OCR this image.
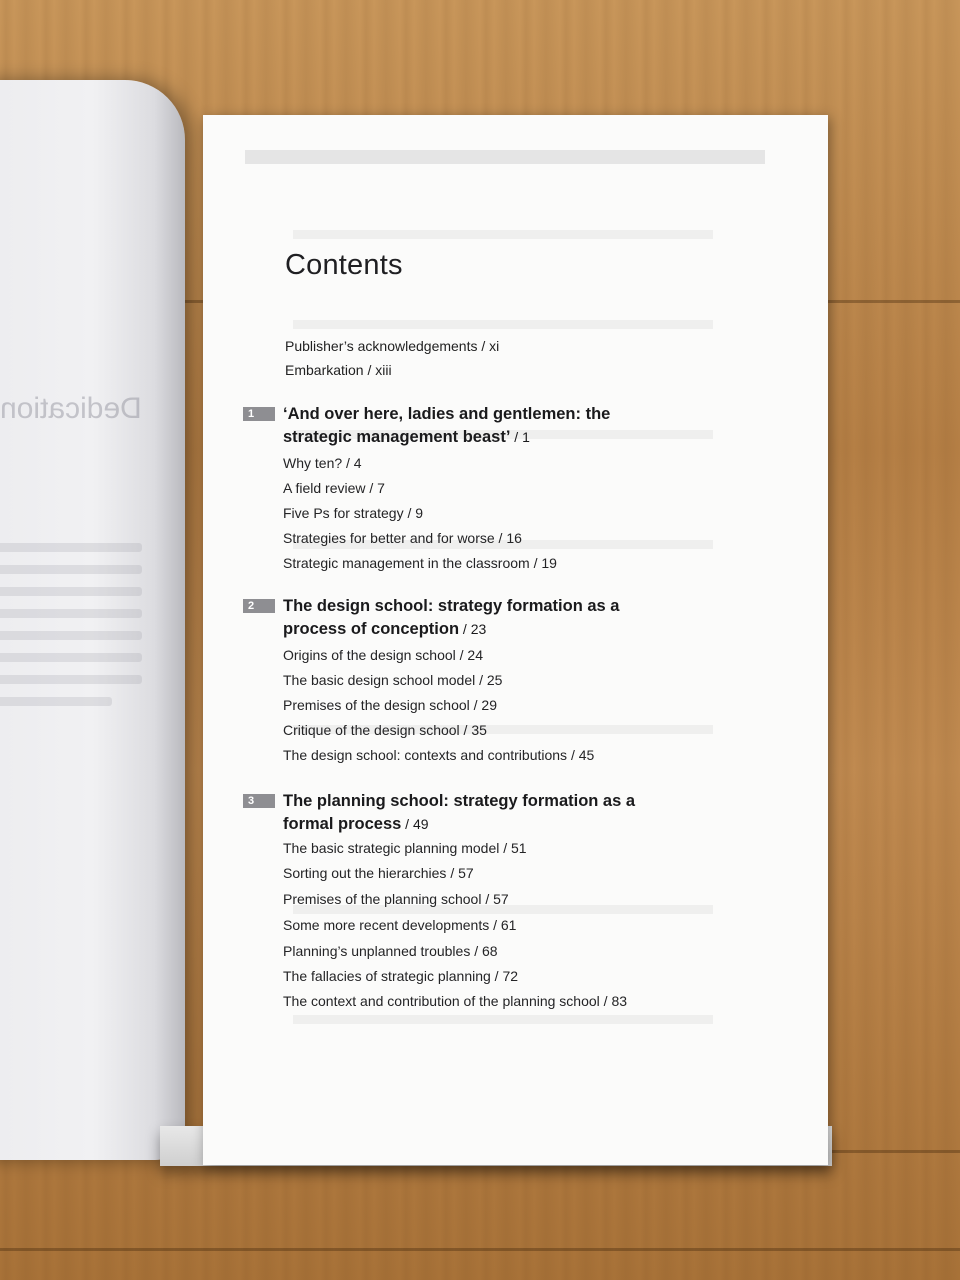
Dedication
Contents
Publisher’s acknowledgements / xi
Embarkation / xiii
1	‘And over here, ladies and gentlemen: the strategic management beast’ / 1
Why ten? / 4
A field review / 7
Five Ps for strategy / 9
Strategies for better and for worse / 16
Strategic management in the classroom / 19
2	The design school: strategy formation as a process of conception / 23
Origins of the design school / 24
The basic design school model / 25
Premises of the design school / 29
Critique of the design school / 35
The design school: contexts and contributions / 45
3	The planning school: strategy formation as a formal process / 49
The basic strategic planning model / 51
Sorting out the hierarchies / 57
Premises of the planning school / 57
Some more recent developments / 61
Planning’s unplanned troubles / 68
The fallacies of strategic planning / 72
The context and contribution of the planning school / 83
